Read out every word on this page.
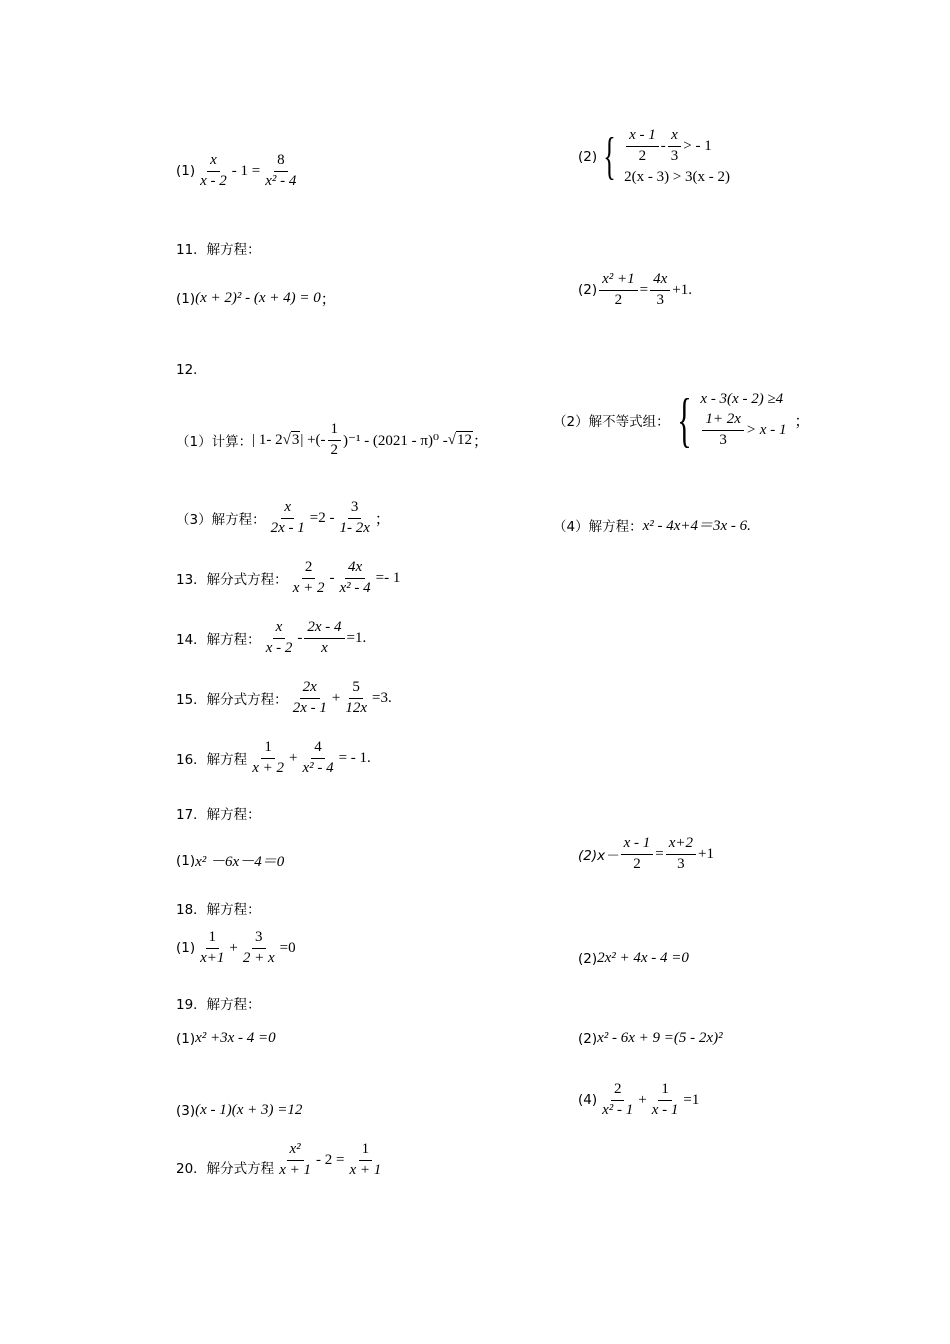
$(1) \frac{x}{x - 2} - 1 = \frac{8}{\text{x² - 4}}$	(2) { $\frac{x - 1}{2} - \frac{x}{3}$ > - 1
2(x - 3) > 3(x - 2)
11．解方程：
(1) (x + 2)² - (x + 4) = 0 ；
$(2) \frac{\text{x² +1}}{2} = \frac{4x}{3} +1$ .
12．
（1）计算： | 1- 2 √ 3 | +(- $\frac{1}{2} )^{-1} - (2021 - \pi)^0$ - √ 12 ；
（2）解不等式组： { x - 3(x - 2) ≥4
$\frac{1+ 2x}{3} > x - 1$
；
（3）解方程： $\frac{x}{2x - 1} =2 - \frac{3}{1- 2x}$ ；	（4）解方程： x² - 4x+4＝3x - 6.
13．解分式方程： $\frac{2}{x + 2} - \frac{4x}{\text{x² - 4}} =- 1$
14．解方程： $\frac{x}{x - 2} - \frac{2x - 4}{x} =1$.
15．解分式方程： $\frac{2x}{2x - 1} + \frac{5}{12x} =3$.
16．解方程 $\frac{1}{x + 2} + \frac{4}{\text{x² - 4}}$ = - 1.
17．解方程：
(1) x² －6x－4＝0	$(2)x- \frac{x - 1}{2} = \frac{x+2}{3} +1$
18．解方程：
$(1) \frac{1}{x+1} + \frac{3}{2 + x} =0$
(2) 2x² + 4x - 4 =0
19．解方程：
(1) x² +3x - 4 =0	(2) x² - 6x + 9 =(5 - 2x)²
(3) (x - 1)(x + 3) =12
$(4) \frac{2}{\text{x² - 1}} + \frac{1}{x - 1} =1$
20．解分式方程 $\frac{\text{x²}}{x + 1} - 2 = \frac{1}{x + 1}$
